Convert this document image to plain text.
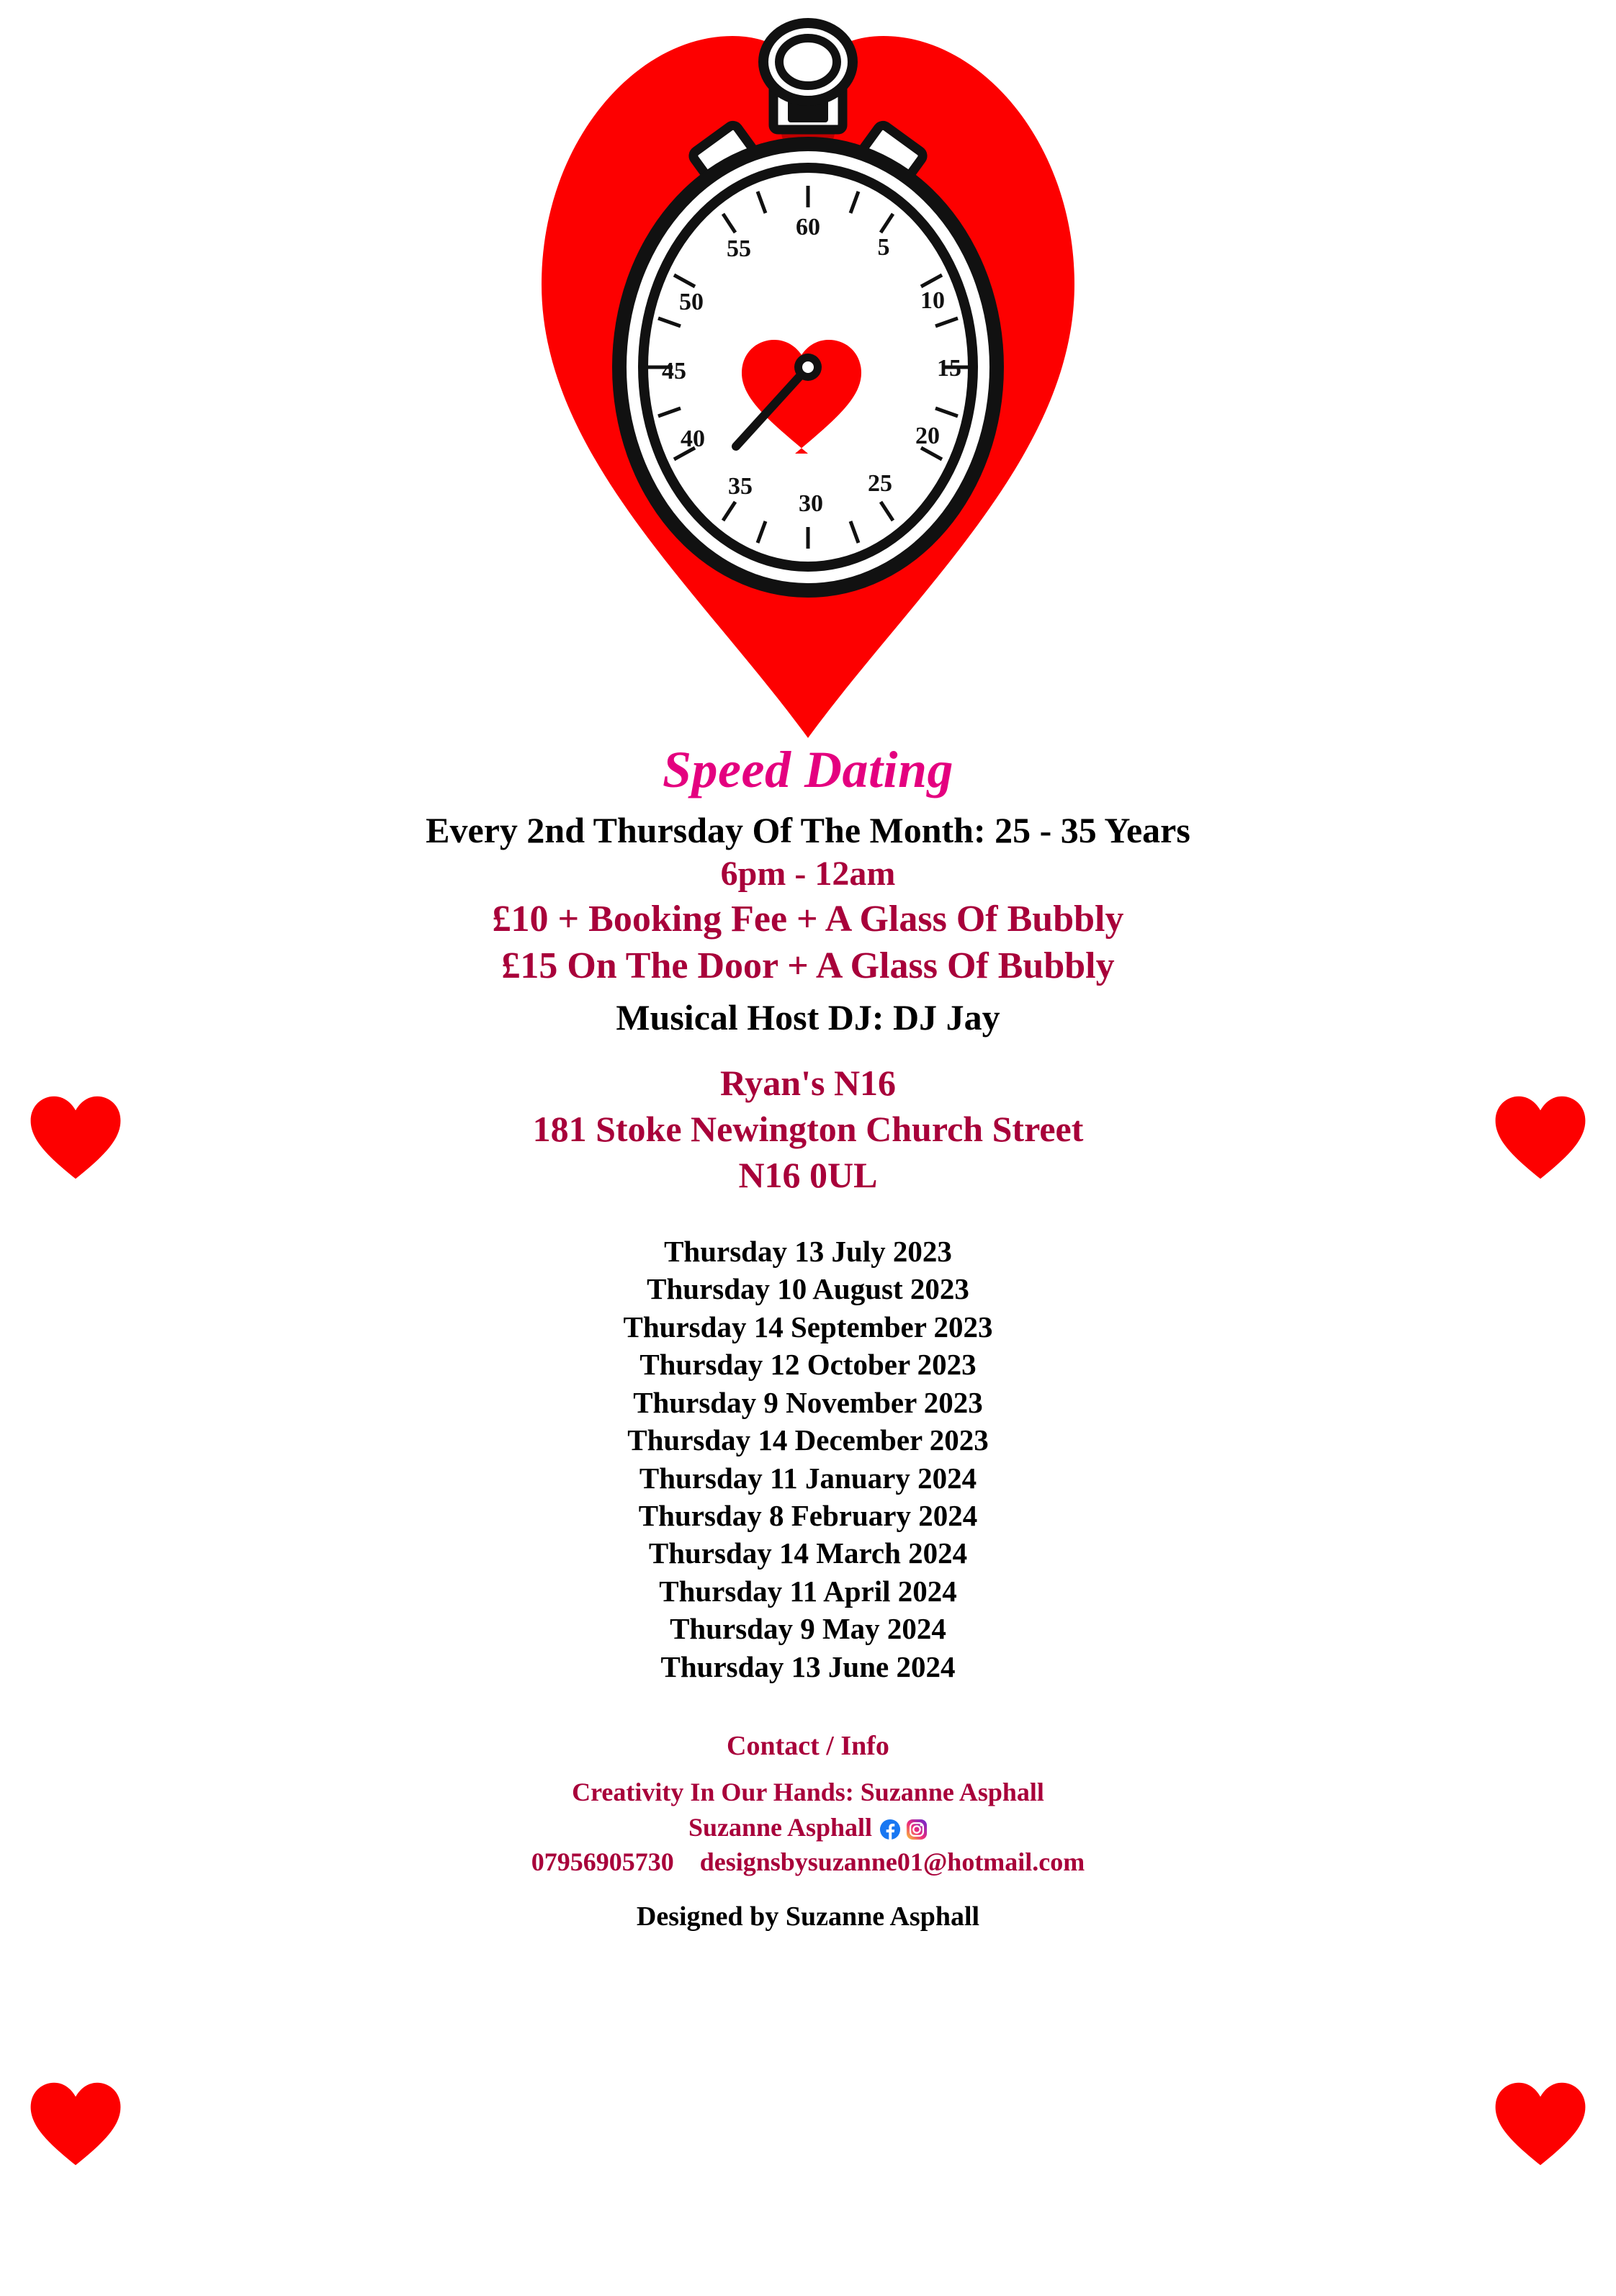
60
5
10
15
20
25
30
35
40
45
50
55
Speed Dating
Every 2nd Thursday Of The Month: 25 - 35 Years
6pm - 12am
£10 + Booking Fee + A Glass Of Bubbly
£15 On The Door + A Glass Of Bubbly
Musical Host DJ: DJ Jay
Ryan's N16
181 Stoke Newington Church Street
N16 0UL
Thursday 13 July 2023
Thursday 10 August 2023
Thursday 14 September 2023
Thursday 12 October 2023
Thursday 9 November 2023
Thursday 14 December 2023
Thursday 11 January 2024
Thursday 8 February 2024
Thursday 14 March 2024
Thursday 11 April 2024
Thursday 9 May 2024
Thursday 13 June 2024
Contact / Info
Creativity In Our Hands: Suzanne Asphall
Suzanne Asphall
07956905730 designsbysuzanne01@hotmail.com
Designed by Suzanne Asphall
